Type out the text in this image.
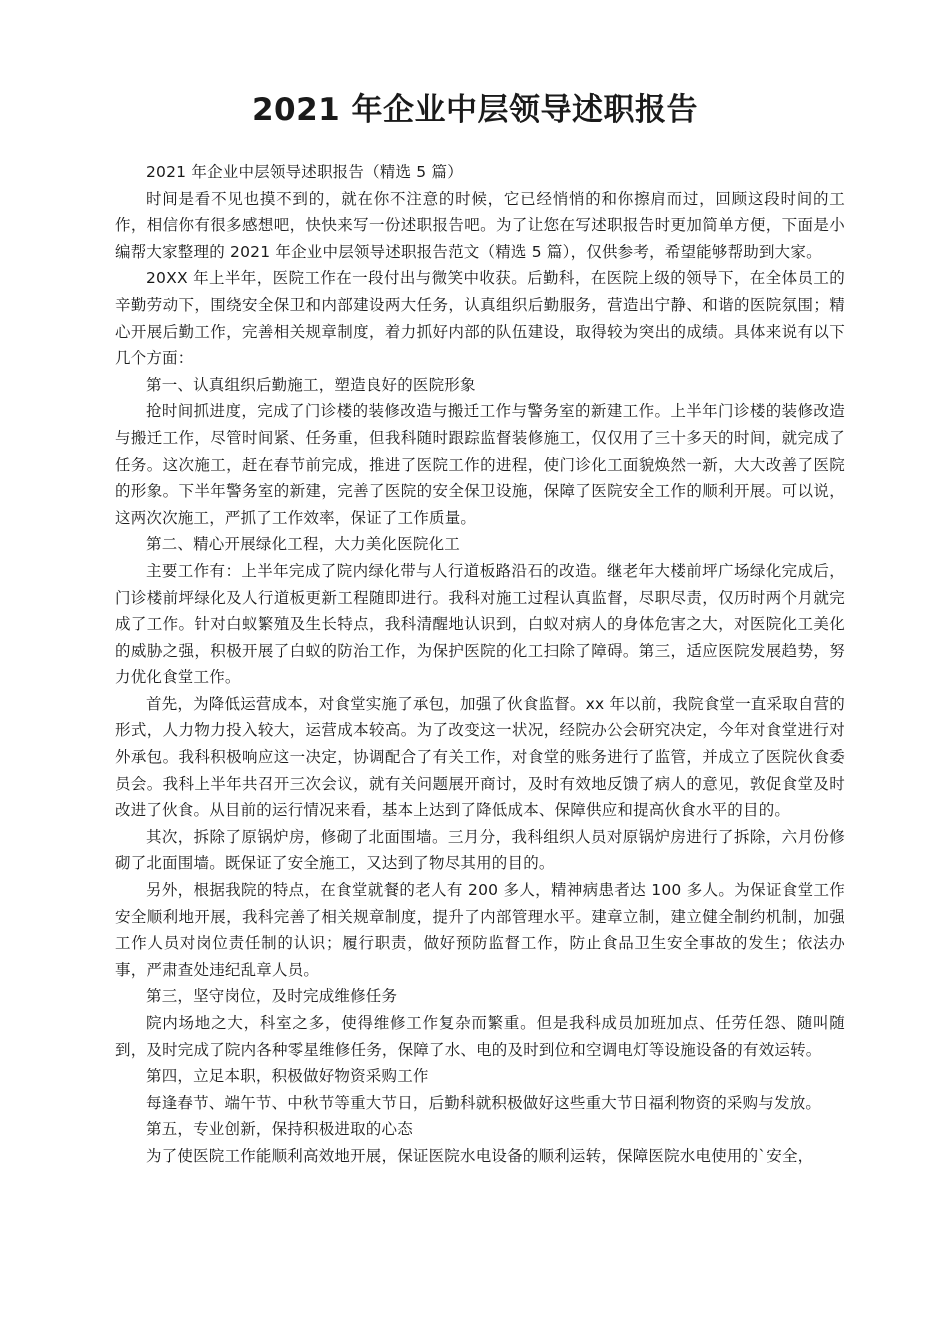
2021 年企业中层领导述职报告

2021 年企业中层领导述职报告（精选 5 篇）

时间是看不见也摸不到的，就在你不注意的时候，它已经悄悄的和你擦肩而过，回顾这段时间的工作，相信你有很多感想吧，快快来写一份述职报告吧。为了让您在写述职报告时更加简单方便，下面是小编帮大家整理的 2021 年企业中层领导述职报告范文（精选 5 篇），仅供参考，希望能够帮助到大家。

20XX 年上半年，医院工作在一段付出与微笑中收获。后勤科，在医院上级的领导下，在全体员工的辛勤劳动下，围绕安全保卫和内部建设两大任务，认真组织后勤服务，营造出宁静、和谐的医院氛围；精心开展后勤工作，完善相关规章制度，着力抓好内部的队伍建设，取得较为突出的成绩。具体来说有以下几个方面：

第一、认真组织后勤施工，塑造良好的医院形象

抢时间抓进度，完成了门诊楼的装修改造与搬迁工作与警务室的新建工作。上半年门诊楼的装修改造与搬迁工作，尽管时间紧、任务重，但我科随时跟踪监督装修施工，仅仅用了三十多天的时间，就完成了任务。这次施工，赶在春节前完成，推进了医院工作的进程，使门诊化工面貌焕然一新，大大改善了医院的形象。下半年警务室的新建，完善了医院的安全保卫设施，保障了医院安全工作的顺利开展。可以说，这两次次施工，严抓了工作效率，保证了工作质量。

第二、精心开展绿化工程，大力美化医院化工

主要工作有：上半年完成了院内绿化带与人行道板路沿石的改造。继老年大楼前坪广场绿化完成后，门诊楼前坪绿化及人行道板更新工程随即进行。我科对施工过程认真监督，尽职尽责，仅历时两个月就完成了工作。针对白蚁繁殖及生长特点，我科清醒地认识到，白蚁对病人的身体危害之大，对医院化工美化的威胁之强，积极开展了白蚁的防治工作，为保护医院的化工扫除了障碍。第三，适应医院发展趋势，努力优化食堂工作。

首先，为降低运营成本，对食堂实施了承包，加强了伙食监督。xx 年以前，我院食堂一直采取自营的形式，人力物力投入较大，运营成本较高。为了改变这一状况，经院办公会研究决定，今年对食堂进行对外承包。我科积极响应这一决定，协调配合了有关工作，对食堂的账务进行了监管，并成立了医院伙食委员会。我科上半年共召开三次会议，就有关问题展开商讨，及时有效地反馈了病人的意见，敦促食堂及时改进了伙食。从目前的运行情况来看，基本上达到了降低成本、保障供应和提高伙食水平的目的。

其次，拆除了原锅炉房，修砌了北面围墙。三月分，我科组织人员对原锅炉房进行了拆除，六月份修砌了北面围墙。既保证了安全施工，又达到了物尽其用的目的。

另外，根据我院的特点，在食堂就餐的老人有 200 多人，精神病患者达 100 多人。为保证食堂工作安全顺利地开展，我科完善了相关规章制度，提升了内部管理水平。建章立制，建立健全制约机制，加强工作人员对岗位责任制的认识；履行职责，做好预防监督工作，防止食品卫生安全事故的发生；依法办事，严肃查处违纪乱章人员。

第三，坚守岗位，及时完成维修任务

院内场地之大，科室之多，使得维修工作复杂而繁重。但是我科成员加班加点、任劳任怨、随叫随到，及时完成了院内各种零星维修任务，保障了水、电的及时到位和空调电灯等设施设备的有效运转。

第四，立足本职，积极做好物资采购工作

每逢春节、端午节、中秋节等重大节日，后勤科就积极做好这些重大节日福利物资的采购与发放。

第五，专业创新，保持积极进取的心态

为了使医院工作能顺利高效地开展，保证医院水电设备的顺利运转，保障医院水电使用的`安全，
